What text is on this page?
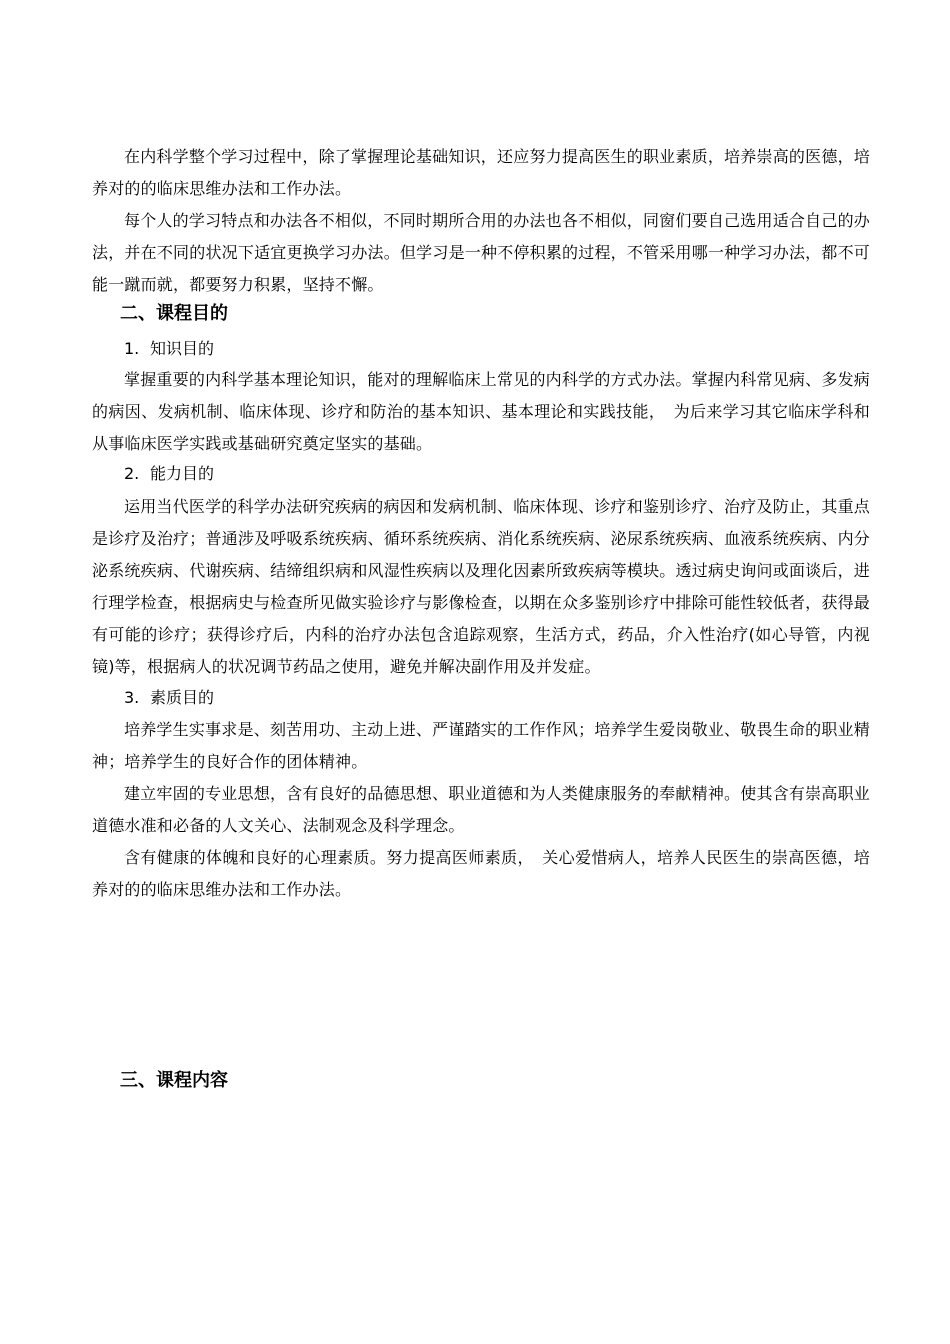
在内科学整个学习过程中，除了掌握理论基础知识，还应努力提高医生的职业素质，培养崇高的医德，培养对的的临床思维办法和工作办法。

每个人的学习特点和办法各不相似，不同时期所合用的办法也各不相似，同窗们要自己选用适合自己的办法，并在不同的状况下适宜更换学习办法。但学习是一种不停积累的过程，不管采用哪一种学习办法，都不可能一蹴而就，都要努力积累，坚持不懈。

二、课程目的
1. 知识目的

掌握重要的内科学基本理论知识，能对的理解临床上常见的内科学的方式办法。掌握内科常见病、多发病的病因、发病机制、临床体现、诊疗和防治的基本知识、基本理论和实践技能，　为后来学习其它临床学科和从事临床医学实践或基础研究奠定坚实的基础。

2. 能力目的

运用当代医学的科学办法研究疾病的病因和发病机制、临床体现、诊疗和鉴别诊疗、治疗及防止，其重点是诊疗及治疗；普通涉及呼吸系统疾病、循环系统疾病、消化系统疾病、泌尿系统疾病、血液系统疾病、内分泌系统疾病、代谢疾病、结缔组织病和风湿性疾病以及理化因素所致疾病等模块。透过病史询问或面谈后，进行理学检查，根据病史与检查所见做实验诊疗与影像检查，以期在众多鉴别诊疗中排除可能性较低者，获得最有可能的诊疗；获得诊疗后，内科的治疗办法包含追踪观察，生活方式，药品，介入性治疗(如心导管，内视镜)等，根据病人的状况调节药品之使用，避免并解决副作用及并发症。

3. 素质目的

培养学生实事求是、刻苦用功、主动上进、严谨踏实的工作作风；培养学生爱岗敬业、敬畏生命的职业精神；培养学生的良好合作的团体精神。

建立牢固的专业思想，含有良好的品德思想、职业道德和为人类健康服务的奉献精神。使其含有崇高职业道德水准和必备的人文关心、法制观念及科学理念。

含有健康的体魄和良好的心理素质。努力提高医师素质，　关心爱惜病人，培养人民医生的崇高医德，培养对的的临床思维办法和工作办法。

三、课程内容
